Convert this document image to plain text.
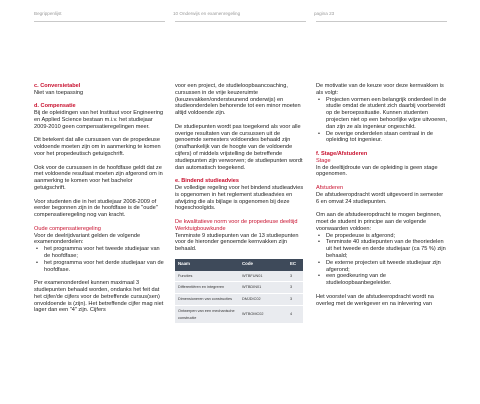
Begrippenlijst	10 Onderwijs en examenregeling	pagina 23
c. Conversietabel

Niet van toepassing

d. Compensatie

Bij de opleidingen van het Instituut voor Engineering en Applied Science bestaan m.i.v. het studiejaar 2009-2010 geen compensatieregelingen meer.

Dit betekent dat alle cursussen van de propedeuse voldoende moeten zijn om in aanmerking te komen voor het propedeutisch getuigschrift.

Ook voor de cursussen in de hoofdfase geldt dat ze met voldoende resultaat moeten zijn afgerond om in aanmerking te komen voor het bachelor getuigschrift.

Voor studenten die in het studiejaar 2008-2009 of eerder begonnen zijn in de hoofdfase is de "oude" compensatieregeling nog van kracht.

Oude compensatieregeling
Voor de deelrijdvariant gelden de volgende examenonderdelen:
• het programma voor het tweede studiejaar van de hoofdfase;
• het programma voor het derde studiejaar van de hoofdfase.

Per examenonderdeel kunnen maximaal 3 studiepunten behaald worden, ondanks het feit dat het cijfer/de cijfers voor de betreffende cursus(sen) onvoldoende is (zijn). Het betreffende cijfer mag niet lager dan een "4" zijn. Cijfers

voor een project, de studieloopbaancoaching, cursussen in de vrije keuzeruimte (keuzevakken/ondersteunend onderwijs) en studieonderdelen behorende tot een minor moeten altijd voldoende zijn.

De studiepunten wordt pas toegekend als voor alle overige resultaten van de cursussen uit de genoemde semesters voldoendes behaald zijn (onafhankelijk van de hoogte van de voldoende cijfers) of middels vrijstelling de betreffende studiepunten zijn verworven; de studiepunten wordt dan automatisch toegekend.

e. Bindend studieadvies

De volledige regeling voor het bindend studieadvies is opgenomen in het reglement studieadvies en afwijzing die als bijlage is opgenomen bij deze hogeschoolgids.

De kwalitatieve norm voor de propedeuse deeltijd Werktuigbouwkunde
Tenminste 9 studiepunten van de 13 studiepunten voor de hieronder genoemde kernvakken zijn behaald.
Naam	Code	EC
Functies	WTBFUN01	3
Differentiëren en integreren	WTBDIN01	3
Dimensioneren van constructies	DMJDIC02	3
Ontwerpen van een mechanische constructie	WTBOMC02	4
De motivatie van de keuze voor deze kernvakken is als volgt:
• Projecten vormen een belangrijk onderdeel in de studie omdat de student zich daarbij voorbereidt op de beroepssituatie. Kunnen studenten projecten niet op een behoorlijke wijze uitvoeren, dan zijn ze als ingenieur ongeschikt.
• De overige onderdelen staan centraal in de opleiding tot ingenieur.
f. Stage/Afstuderen
Stage

In de deeltijdroute van de opleiding is geen stage opgenomen.

Afstuderen

De afstudeeropdracht wordt uitgevoerd in semester 6 en omvat 24 studiepunten.

Om aan de afstudeeropdracht te mogen beginnen, moet de student in principe aan de volgende voorwaarden voldoen:
• De propedeuse is afgerond;
• Tenminste 40 studiepunten van de theoriedelen uit het tweede en derde studiejaar (ca 75 %) zijn behaald;
• De externe projecten uit tweede studiejaar zijn afgerond;
• een goedkeuring van de studieloopbaanbegeleider.

Het voorstel van de afstudeeropdracht wordt na overleg met de werkgever en na inlevering van
